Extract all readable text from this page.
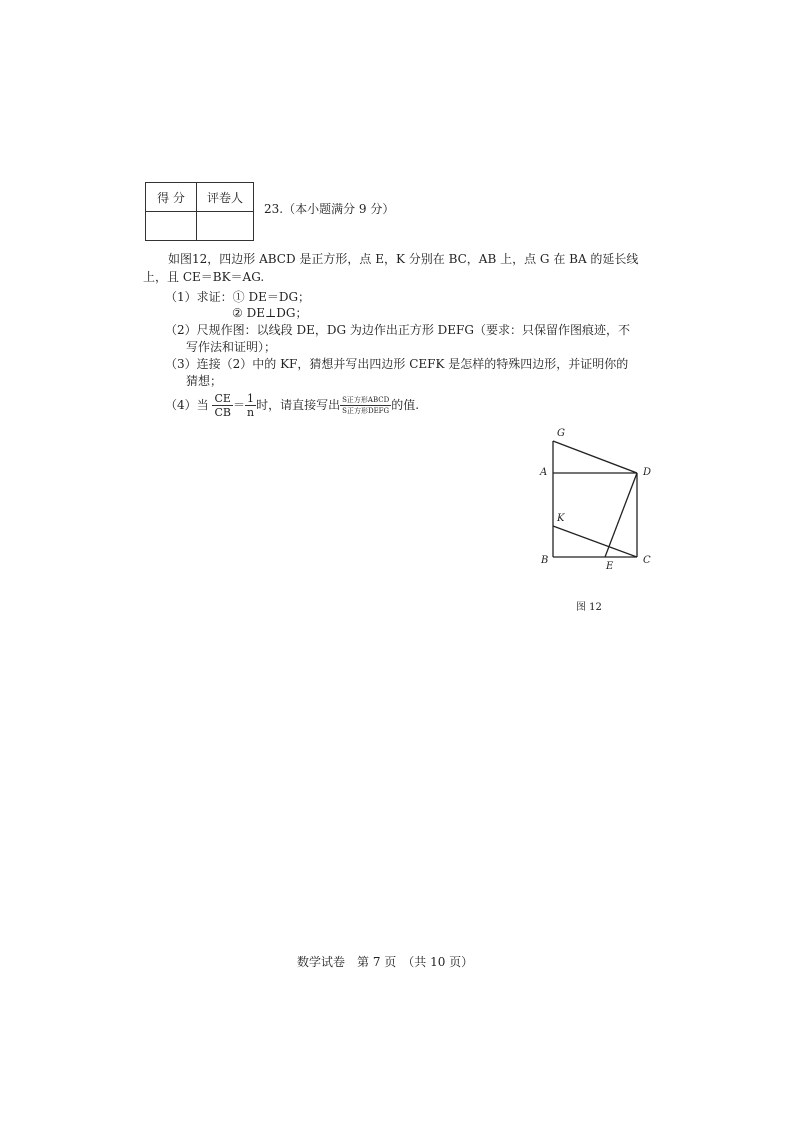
得 分	评卷人

23.（本小题满分 9 分）
如图12，四边形 ABCD 是正方形，点 E，K 分别在 BC，AB 上，点 G 在 BA 的延长线
上，且 CE＝BK＝AG.
（1）求证：① DE＝DG；
② DE⊥DG；
（2）尺规作图：以线段 DE，DG 为边作出正方形 DEFG（要求：只保留作图痕迹，不
写作法和证明）；
（3）连接（2）中的 KF，猜想并写出四边形 CEFK 是怎样的特殊四边形，并证明你的
猜想；
（4）当 $\frac{CE}{CB} = \frac{1}{n}$ 时，请直接写出 $\frac{\text{S正方形ABCD}}{\text{S正方形DEFG}}$ 的值.
G
A	D
K
B
E
C
图 12
数学试卷　第 7 页　（共 10 页）
